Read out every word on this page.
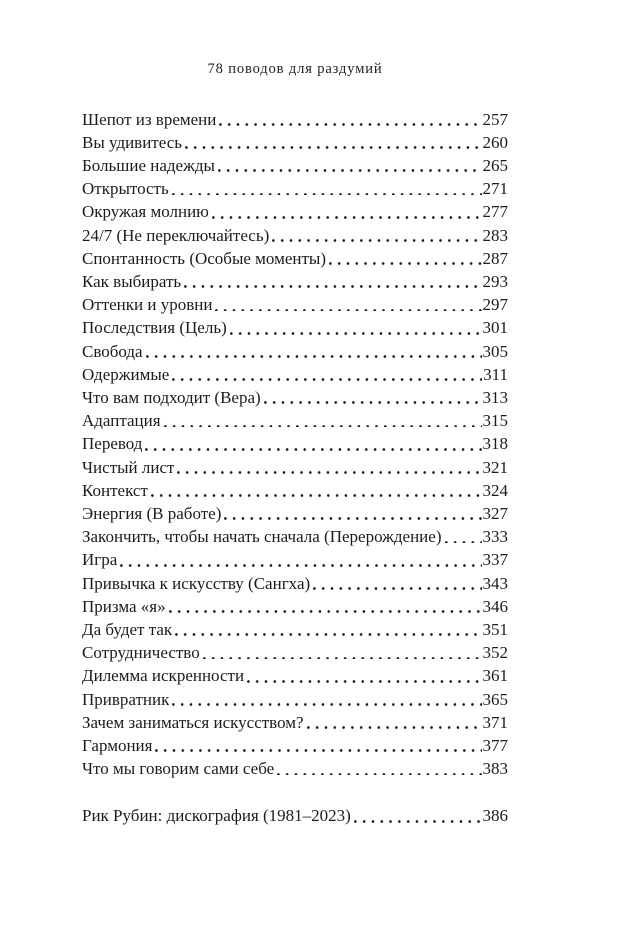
78 поводов для раздумий
Шепот из времени	257
Вы удивитесь	260
Большие надежды	265
Открытость	271
Окружая молнию	277
24/7 (Не переключайтесь)	283
Спонтанность (Особые моменты)	287
Как выбирать	293
Оттенки и уровни	297
Последствия (Цель)	301
Свобода	305
Одержимые	311
Что вам подходит (Вера)	313
Адаптация	315
Перевод	318
Чистый лист	321
Контекст	324
Энергия (В работе)	327
Закончить, чтобы начать сначала (Перерождение) 333
Игра	337
Привычка к искусству (Сангха)	343
Призма «я»	346
Да будет так	351
Сотрудничество	352
Дилемма искренности	361
Привратник	365
Зачем заниматься искусством?	371
Гармония	377
Что мы говорим сами себе	383
Рик Рубин: дискография (1981–2023)	386
